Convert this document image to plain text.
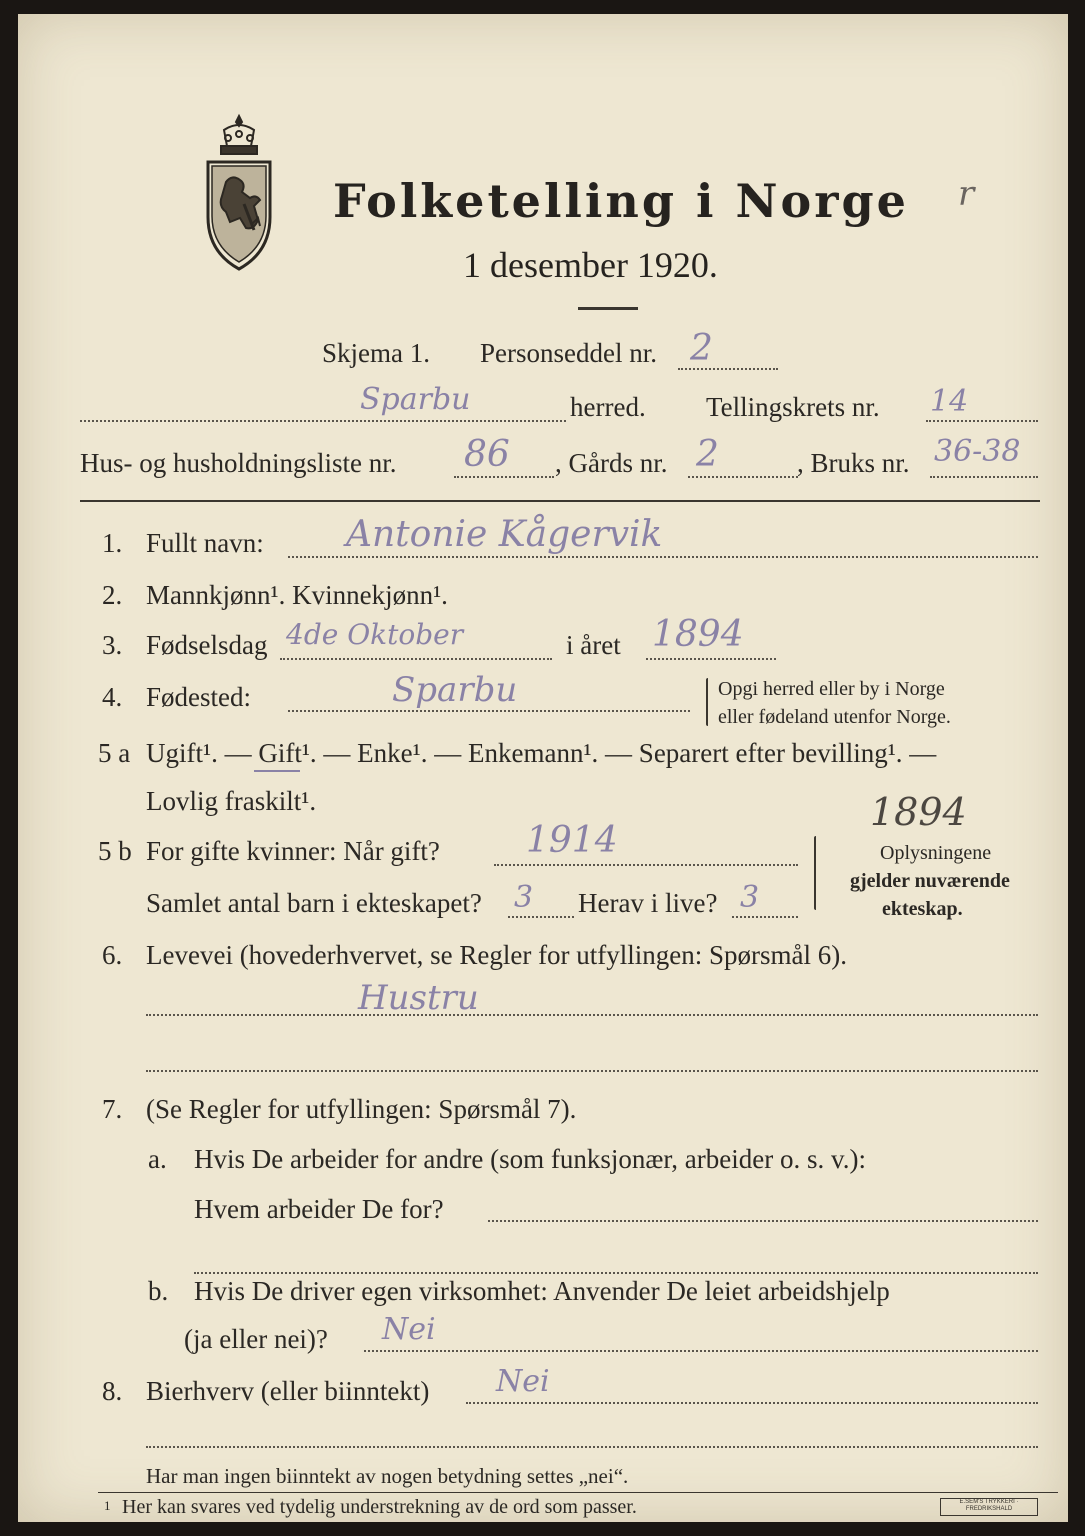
Folketelling i Norge r
1 desember 1920.
Skjema 1. Personseddel nr. 2
Sparbu	herred. Tellingskrets nr. 14
Hus- og husholdningsliste nr. 86 , Gårds nr. 2	, Bruks nr. 36-38
1. Fullt navn: Antonie Kågervik
2. Mannkjønn¹. Kvinnekjønn¹.
3. Fødselsdag 4de Oktober	i året 1894
4. Fødested:	Sparbu	Opgi herred eller by i Norge
eller fødeland utenfor Norge.
5 a Ugift¹. — Gift¹. — Enke¹. — Enkemann¹. — Separert efter bevilling¹. —
Lovlig fraskilt¹.	1894
5 b For gifte kvinner: Når gift? 1914
Samlet antal barn i ekteskapet? 3 Herav i live? 3
Oplysningene
gjelder nuværende
ekteskap.
6. Levevei (hovederhvervet, se Regler for utfyllingen: Spørsmål 6).
Hustru
7. (Se Regler for utfyllingen: Spørsmål 7).
a. Hvis De arbeider for andre (som funksjonær, arbeider o. s. v.):
Hvem arbeider De for?
b. Hvis De driver egen virksomhet: Anvender De leiet arbeidshjelp
(ja eller nei)? Nei
8. Bierhverv (eller biinntekt) Nei
Har man ingen biinntekt av nogen betydning settes „nei“.
1 Her kan svares ved tydelig understrekning av de ord som passer.	E.SEM'S TRYKKERI · FREDRIKSHALD
